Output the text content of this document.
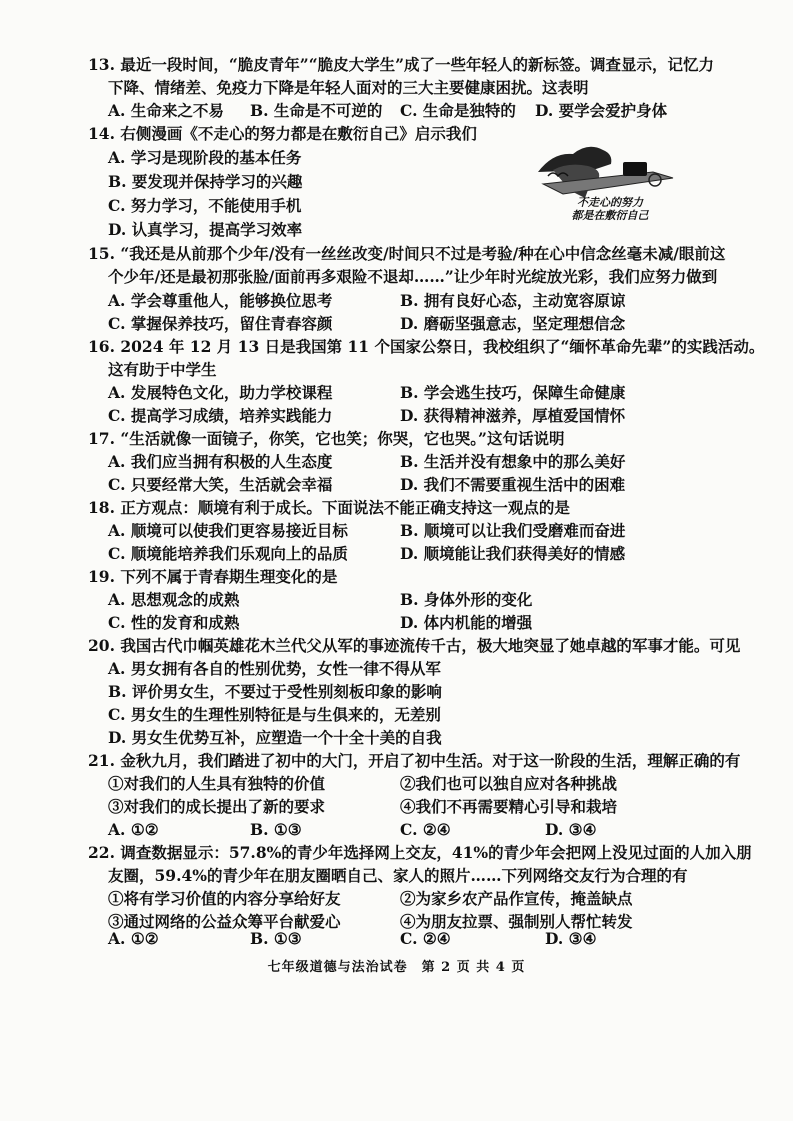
13. 最近一段时间，“脆皮青年”“脆皮大学生”成了一些年轻人的新标签。调查显示，记忆力
下降、情绪差、免疫力下降是年轻人面对的三大主要健康困扰。这表明
A. 生命来之不易 B. 生命是不可逆的 C. 生命是独特的 D. 要学会爱护身体
14. 右侧漫画《不走心的努力都是在敷衍自己》启示我们
A. 学习是现阶段的基本任务
B. 要发现并保持学习的兴趣
C. 努力学习，不能使用手机
D. 认真学习，提高学习效率
不走心的努力
都是在敷衍自己
15. “我还是从前那个少年/没有一丝丝改变/时间只不过是考验/种在心中信念丝毫未减/眼前这
个少年/还是最初那张脸/面前再多艰险不退却……”让少年时光绽放光彩，我们应努力做到
A. 学会尊重他人，能够换位思考	B. 拥有良好心态，主动宽容原谅
C. 掌握保养技巧，留住青春容颜	D. 磨砺坚强意志，坚定理想信念
16. 2024 年 12 月 13 日是我国第 11 个国家公祭日，我校组织了“缅怀革命先辈”的实践活动。
这有助于中学生
A. 发展特色文化，助力学校课程	B. 学会逃生技巧，保障生命健康
C. 提高学习成绩，培养实践能力	D. 获得精神滋养，厚植爱国情怀
17. “生活就像一面镜子，你笑，它也笑；你哭，它也哭。”这句话说明
A. 我们应当拥有积极的人生态度	B. 生活并没有想象中的那么美好
C. 只要经常大笑，生活就会幸福	D. 我们不需要重视生活中的困难
18. 正方观点：顺境有利于成长。下面说法不能正确支持这一观点的是
A. 顺境可以使我们更容易接近目标	B. 顺境可以让我们受磨难而奋进
C. 顺境能培养我们乐观向上的品质	D. 顺境能让我们获得美好的情感
19. 下列不属于青春期生理变化的是
A. 思想观念的成熟	B. 身体外形的变化
C. 性的发育和成熟	D. 体内机能的增强
20. 我国古代巾帼英雄花木兰代父从军的事迹流传千古，极大地突显了她卓越的军事才能。可见
A. 男女拥有各自的性别优势，女性一律不得从军
B. 评价男女生，不要过于受性别刻板印象的影响
C. 男女生的生理性别特征是与生俱来的，无差别
D. 男女生优势互补，应塑造一个十全十美的自我
21. 金秋九月，我们踏进了初中的大门，开启了初中生活。对于这一阶段的生活，理解正确的有
①对我们的人生具有独特的价值	②我们也可以独自应对各种挑战
③对我们的成长提出了新的要求	④我们不再需要精心引导和栽培
A. ①②	B. ①③	C. ②④	D. ③④
22. 调查数据显示：57.8%的青少年选择网上交友，41%的青少年会把网上没见过面的人加入朋
友圈，59.4%的青少年在朋友圈晒自己、家人的照片……下列网络交友行为合理的有
①将有学习价值的内容分享给好友	②为家乡农产品作宣传，掩盖缺点
③通过网络的公益众筹平台献爱心	④为朋友拉票、强制别人帮忙转发
七年级道德与法治试卷　第 2 页 共 4 页
A. ①②	B. ①③	C. ②④	D. ③④
